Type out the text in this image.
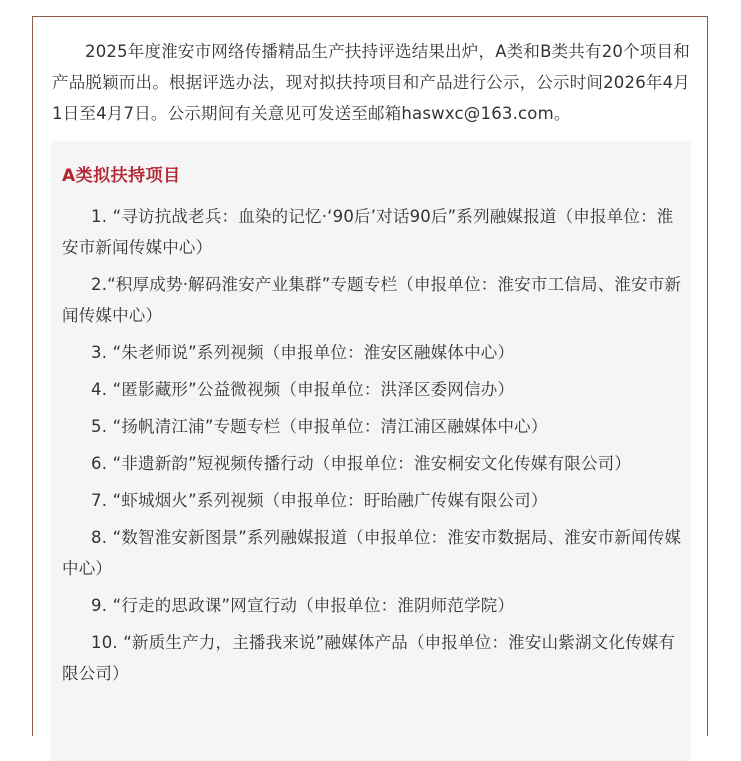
2025年度淮安市网络传播精品生产扶持评选结果出炉，A类和B类共有20个项目和产品脱颖而出。根据评选办法，现对拟扶持项目和产品进行公示，公示时间2026年4月1日至4月7日。公示期间有关意见可发送至邮箱haswxc@163.com。

A类拟扶持项目
1. “寻访抗战老兵：血染的记忆·‘90后’对话90后”系列融媒报道（申报单位：淮安市新闻传媒中心）
2.“积厚成势·解码淮安产业集群”专题专栏（申报单位：淮安市工信局、淮安市新闻传媒中心）
3. “朱老师说”系列视频（申报单位：淮安区融媒体中心）
4. “匿影藏形”公益微视频（申报单位：洪泽区委网信办）
5. “扬帆清江浦”专题专栏（申报单位：清江浦区融媒体中心）
6. “非遗新韵”短视频传播行动（申报单位：淮安桐安文化传媒有限公司）
7. “虾城烟火”系列视频（申报单位：盱眙融广传媒有限公司）
8. “数智淮安新图景”系列融媒报道（申报单位：淮安市数据局、淮安市新闻传媒中心）
9. “行走的思政课”网宣行动（申报单位：淮阴师范学院）
10. “新质生产力，主播我来说”融媒体产品（申报单位：淮安山紫湖文化传媒有限公司）
